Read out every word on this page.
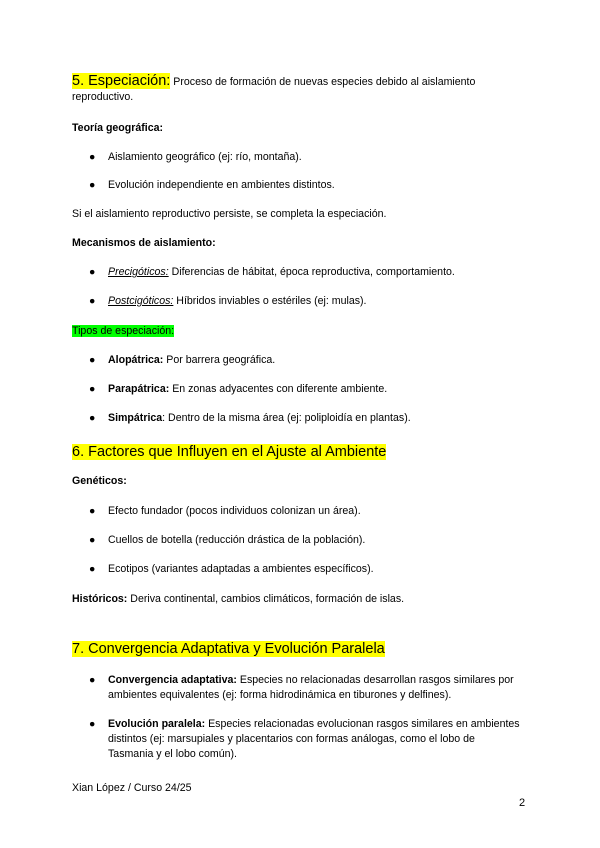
5. Especiación: Proceso de formación de nuevas especies debido al aislamiento reproductivo.
Teoría geográfica:
● Aislamiento geográfico (ej: río, montaña).
● Evolución independiente en ambientes distintos.
Si el aislamiento reproductivo persiste, se completa la especiación.
Mecanismos de aislamiento:
● Precigóticos: Diferencias de hábitat, época reproductiva, comportamiento.
● Postcigóticos: Híbridos inviables o estériles (ej: mulas).
Tipos de especiación:
● Alopátrica: Por barrera geográfica.
● Parapátrica: En zonas adyacentes con diferente ambiente.
● Simpátrica: Dentro de la misma área (ej: poliploidía en plantas).
6. Factores que Influyen en el Ajuste al Ambiente
Genéticos:
● Efecto fundador (pocos individuos colonizan un área).
● Cuellos de botella (reducción drástica de la población).
● Ecotipos (variantes adaptadas a ambientes específicos).
Históricos: Deriva continental, cambios climáticos, formación de islas.
7. Convergencia Adaptativa y Evolución Paralela
● Convergencia adaptativa: Especies no relacionadas desarrollan rasgos similares por ambientes equivalentes (ej: forma hidrodinámica en tiburones y delfines).
● Evolución paralela: Especies relacionadas evolucionan rasgos similares en ambientes distintos (ej: marsupiales y placentarios con formas análogas, como el lobo de Tasmania y el lobo común).
Xian López / Curso 24/25
2
